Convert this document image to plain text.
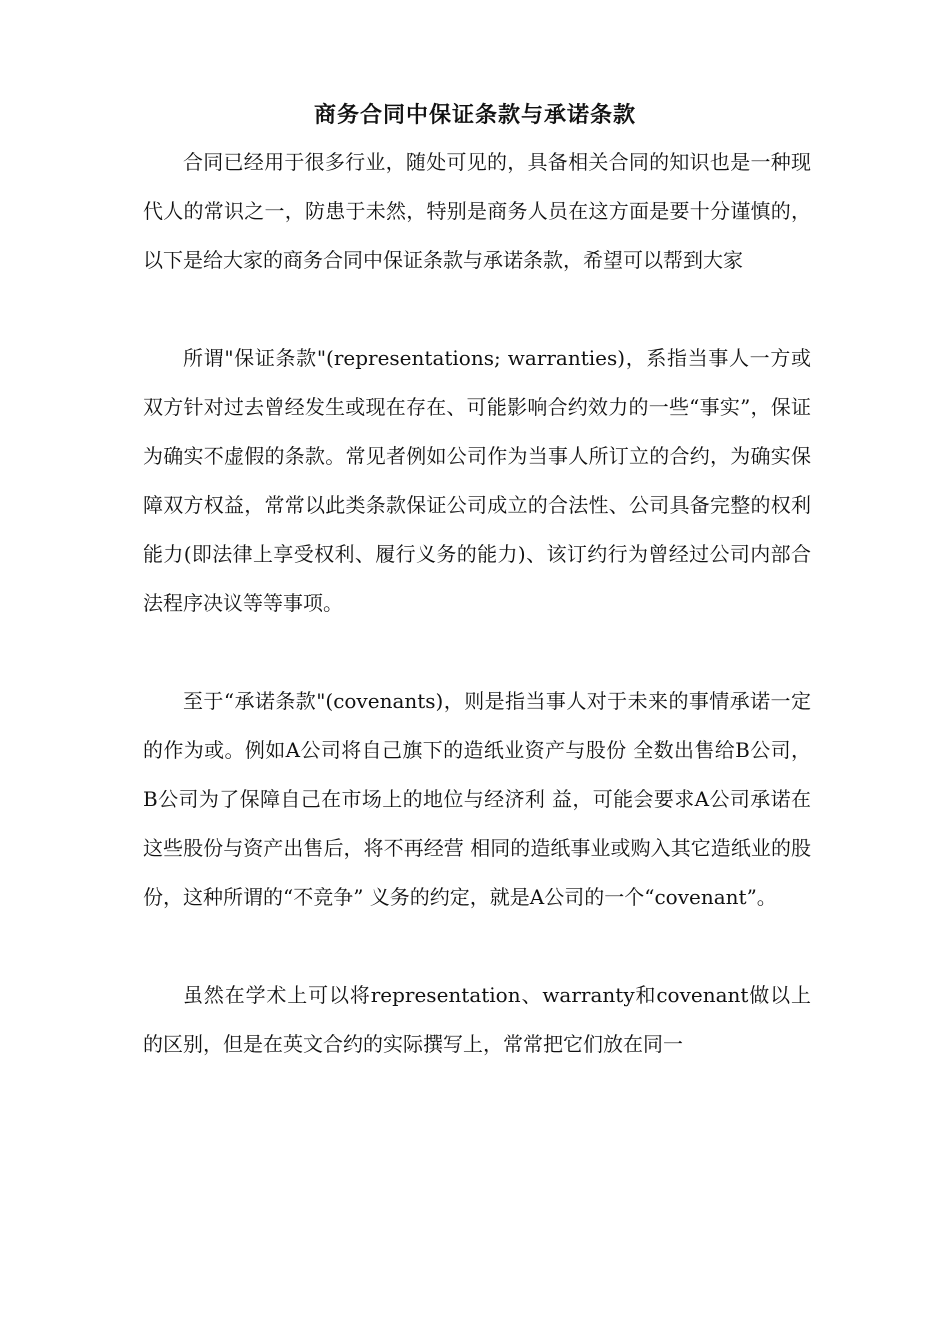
商务合同中保证条款与承诺条款

合同已经用于很多行业，随处可见的，具备相关合同的知识也是一种现代人的常识之一，防患于未然，特别是商务人员在这方面是要十分谨慎的，以下是给大家的商务合同中保证条款与承诺条款，希望可以帮到大家

所谓"保证条款"(representations; warranties)，系指当事人一方或双方针对过去曾经发生或现在存在、可能影响合约效力的一些“事实”，保证为确实不虚假的条款。常见者例如公司作为当事人所订立的合约，为确实保障双方权益，常常以此类条款保证公司成立的合法性、公司具备完整的权利能力(即法律上享受权利、履行义务的能力)、该订约行为曾经过公司内部合法程序决议等等事项。

至于“承诺条款"(covenants)，则是指当事人对于未来的事情承诺一定的作为或。例如A公司将自己旗下的造纸业资产与股份 全数出售给B公司，B公司为了保障自己在市场上的地位与经济利 益，可能会要求A公司承诺在这些股份与资产出售后，将不再经营 相同的造纸事业或购入其它造纸业的股份，这种所谓的“不竞争” 义务的约定，就是A公司的一个“covenant”。

虽然在学术上可以将representation、warranty和covenant做以上的区别，但是在英文合约的实际撰写上，常常把它们放在同一
